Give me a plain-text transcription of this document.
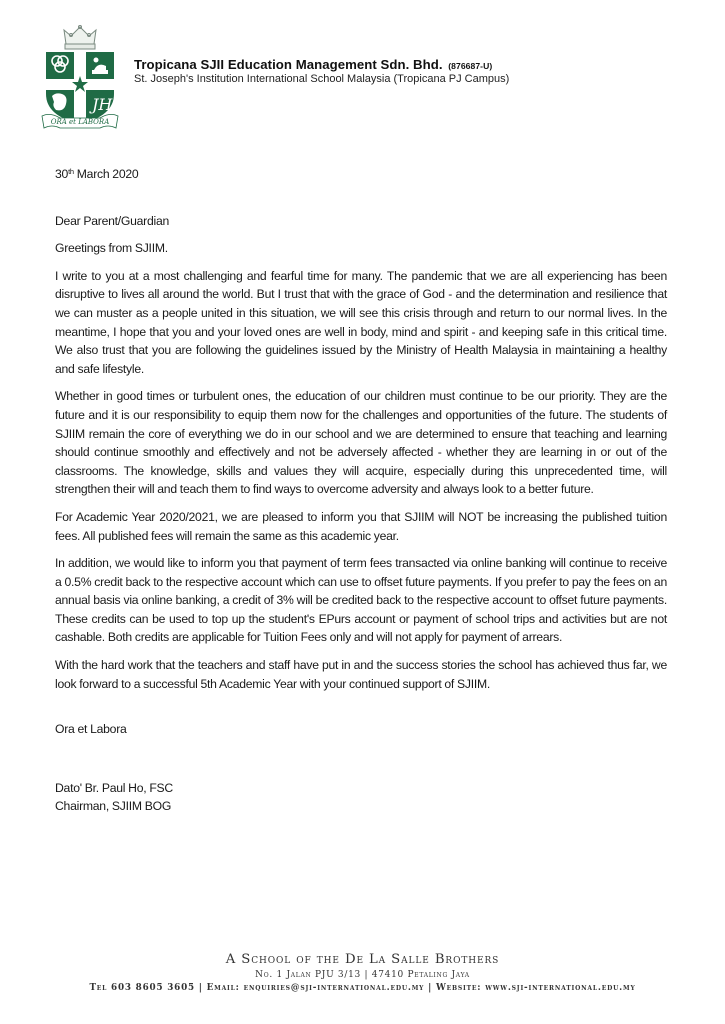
JH
ORA et LABORA
Tropicana SJII Education Management Sdn. Bhd. (876687-U)
St. Joseph's Institution International School Malaysia (Tropicana PJ Campus)

30th March 2020

Dear Parent/Guardian

Greetings from SJIIM.

I write to you at a most challenging and fearful time for many. The pandemic that we are all experiencing has been disruptive to lives all around the world. But I trust that with the grace of God - and the determination and resilience that we can muster as a people united in this situation, we will see this crisis through and return to our normal lives. In the meantime, I hope that you and your loved ones are well in body, mind and spirit - and keeping safe in this critical time.   We also trust that you are following the guidelines issued by the Ministry of Health Malaysia in maintaining a healthy and safe lifestyle.

Whether in good times or turbulent ones, the education of our children must continue to be our priority. They are the future and it is our responsibility to equip them now for the challenges and opportunities of the future. The students of SJIIM remain the core of everything we do in our school and we are determined to ensure that teaching and learning should continue smoothly and effectively and not be adversely affected - whether they are learning in or out of the classrooms. The knowledge, skills and values they will acquire, especially during this unprecedented time, will strengthen their will and teach them to find ways to overcome adversity and always look to a better future.

For Academic Year 2020/2021, we are pleased to inform you that SJIIM will NOT be increasing the published tuition fees. All published fees will remain the same as this academic year.

In addition, we would like to inform you that payment of term fees transacted via online banking will continue to receive a 0.5% credit back to the respective account which can use to offset future payments. If you prefer to pay the fees on an annual basis via online banking, a credit of 3% will be credited back to the respective account to offset future payments. These credits can be used to top up the student's EPurs account or payment of school trips and activities but are not cashable. Both credits are applicable for Tuition Fees only and will not apply for payment of arrears.

With the hard work that the teachers and staff have put in and the success stories the school has achieved thus far, we look forward to a successful 5th Academic Year with your continued support of SJIIM.

Ora et Labora

Dato' Br. Paul Ho, FSC

Chairman, SJIIM BOG

A School of the De La Salle Brothers
No. 1 Jalan PJU 3/13 | 47410 Petaling Jaya
Tel 603 8605 3605 | Email: enquiries@sji-international.edu.my | Website: www.sji-international.edu.my
